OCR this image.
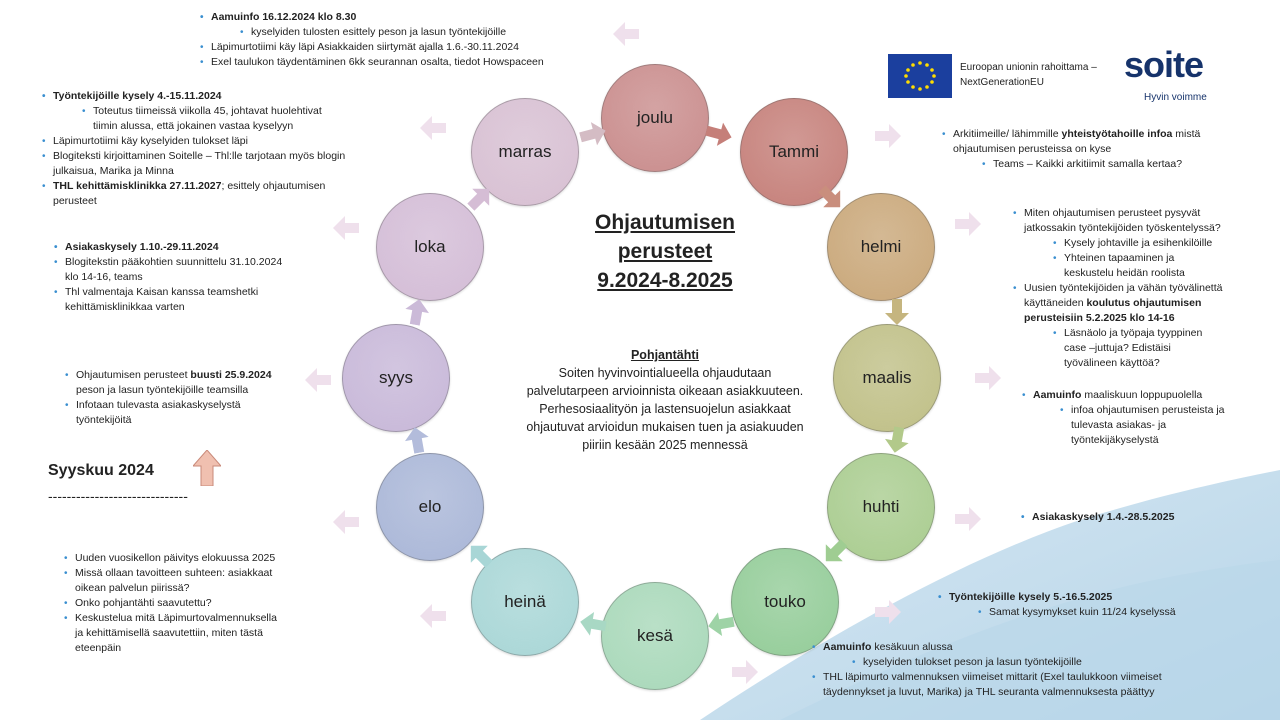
Euroopan unionin rahoittama –
NextGenerationEU	soite
Hyvin voimme
Ohjautumisen
perusteet
9.2024-8.2025
Pohjantähti
Soiten hyvinvointialueella ohjaudutaan
palvelutarpeen arvioinnista oikeaan asiakkuuteen.
Perhesosiaalityön ja lastensuojelun asiakkaat
ohjautuvat arvioidun mukaisen tuen ja asiakuuden
piiriin kesään 2025 mennessä
joulu
Tammi
helmi
maalis
huhti
touko
kesä
heinä
elo
syys
loka
marras
Syyskuu 2024
------------------------------
• Aamuinfo 16.12.2024 klo 8.30
• kyselyiden tulosten esittely peson ja lasun työntekijöille
• Läpimurtotiimi käy läpi Asiakkaiden siirtymät ajalla 1.6.-30.11.2024
• Exel taulukon täydentäminen 6kk seurannan osalta, tiedot Howspaceen
• Työntekijöille kysely 4.-15.11.2024
• Toteutus tiimeissä viikolla 45, johtavat huolehtivat
tiimin alussa, että jokainen vastaa kyselyyn
• Läpimurtotiimi käy kyselyiden tulokset läpi
• Blogiteksti kirjoittaminen Soitelle – Thl:lle tarjotaan myös blogin
julkaisua, Marika ja Minna
• THL kehittämisklinikka 27.11.2027; esittely ohjautumisen
perusteet
• Asiakaskysely 1.10.-29.11.2024
• Blogitekstin pääkohtien suunnittelu 31.10.2024
klo 14-16, teams
• Thl valmentaja Kaisan kanssa teamshetki
kehittämisklinikkaa varten
• Ohjautumisen perusteet buusti 25.9.2024
peson ja lasun työntekijöille teamsilla
• Infotaan tulevasta asiakaskyselystä
työntekijöitä
• Uuden vuosikellon päivitys elokuussa 2025
• Missä ollaan tavoitteen suhteen: asiakkaat
oikean palvelun piirissä?
• Onko pohjantähti saavutettu?
• Keskustelua mitä Läpimurtovalmennuksella
ja kehittämisellä saavutettiin, miten tästä
eteenpäin
• Arkitiimeille/ lähimmille yhteistyötahoille infoa mistä
ohjautumisen perusteissa on kyse
• Teams – Kaikki arkitiimit samalla kertaa?
• Miten ohjautumisen perusteet pysyvät
jatkossakin työntekijöiden työskentelyssä?
• Kysely johtaville ja esihenkilöille
• Yhteinen tapaaminen ja
keskustelu heidän roolista
• Uusien työntekijöiden ja vähän työvälinettä
käyttäneiden koulutus ohjautumisen
perusteisiin 5.2.2025 klo 14-16
• Läsnäolo ja työpaja tyyppinen
case –juttuja? Edistäisi
työvälineen käyttöä?
• Aamuinfo maaliskuun loppupuolella
• infoa ohjautumisen perusteista ja
tulevasta asiakas- ja
työntekijäkyselystä
• Asiakaskysely 1.4.-28.5.2025
• Työntekijöille kysely 5.-16.5.2025
• Samat kysymykset kuin 11/24 kyselyssä
• Aamuinfo kesäkuun alussa
• kyselyiden tulokset peson ja lasun työntekijöille
• THL läpimurto valmennuksen viimeiset mittarit (Exel taulukkoon viimeiset
täydennykset ja luvut, Marika) ja THL seuranta valmennuksesta päättyy
